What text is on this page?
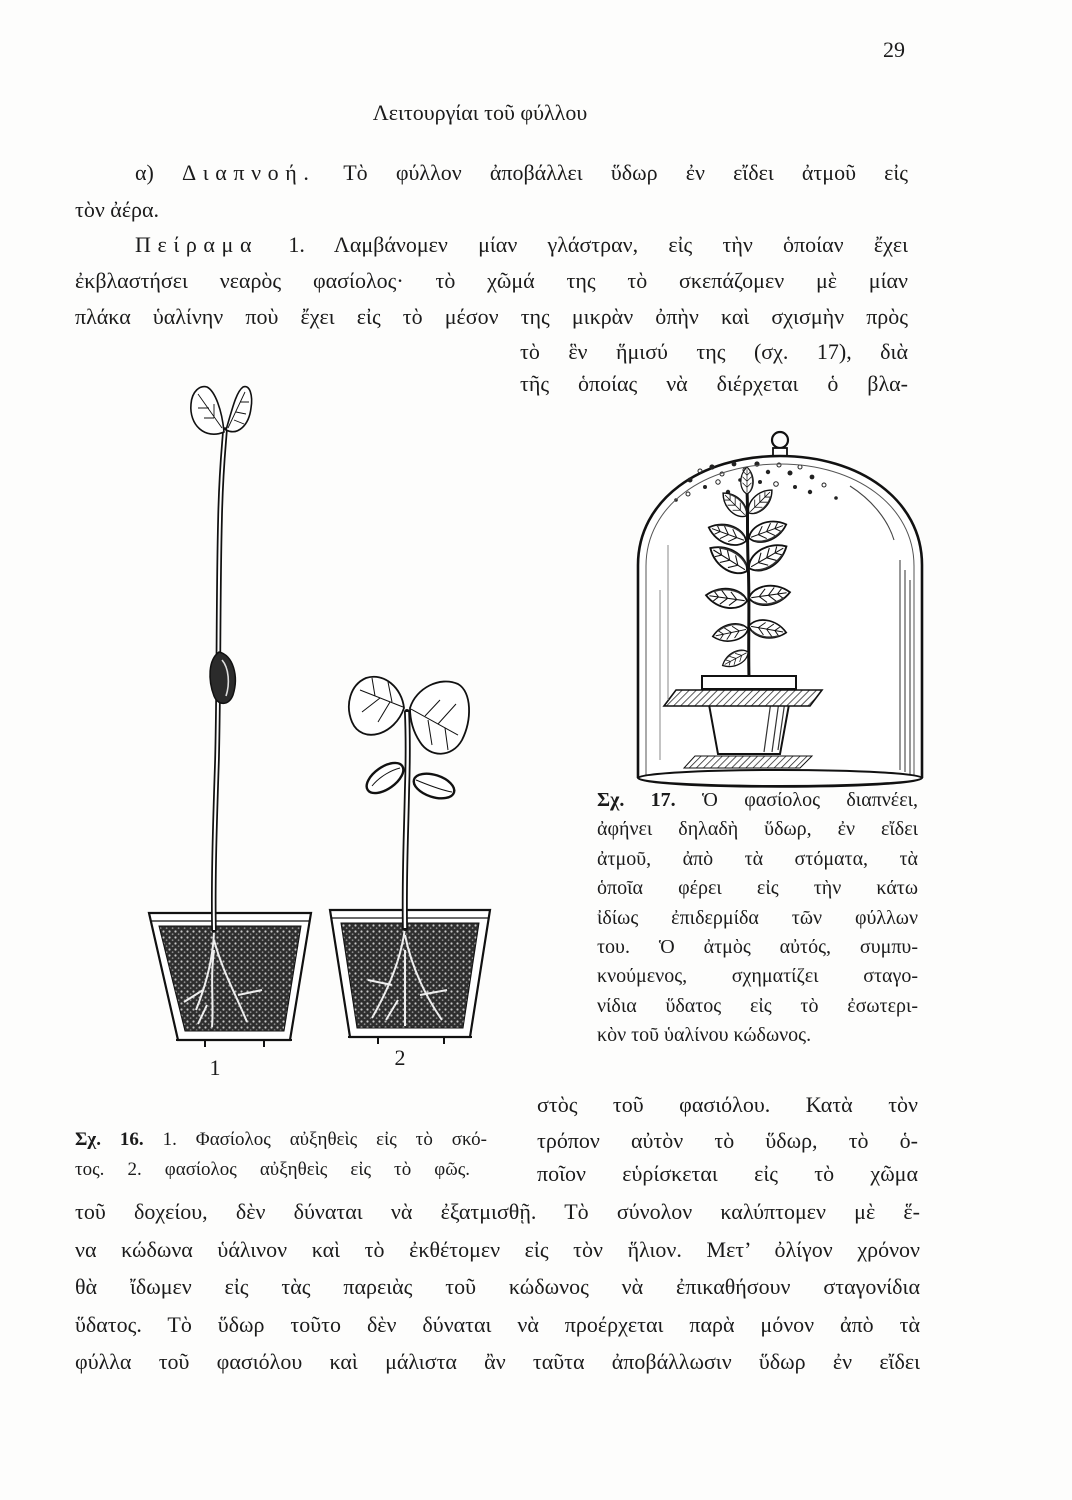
29
Λειτουργίαι τοῦ φύλλου
α) Διαπνοή. Τὸ φύλλον ἀποβάλλει ὕδωρ ἐν εἴδει ἀτμοῦ εἰς
τὸν ἀέρα.
Πείραμα 1. Λαμβάνομεν μίαν γλάστραν, εἰς τὴν ὁποίαν ἔχει
ἐκβλαστήσει νεαρὸς φασίολος· τὸ χῶμά της τὸ σκεπάζομεν μὲ μίαν
πλάκα ὑαλίνην ποὺ ἔχει εἰς τὸ μέσον της μικρὰν ὀπὴν καὶ σχισμὴν πρὸς
τὸ ἓν ἥμισύ της (σχ. 17), διὰ
τῆς ὁποίας νὰ διέρχεται ὁ βλα-
Σχ. 17. Ὁ φασίολος διαπνέει,
ἀφήνει δηλαδὴ ὕδωρ, ἐν εἴδει
ἀτμοῦ, ἀπὸ τὰ στόματα, τὰ
ὁποῖα φέρει εἰς τὴν κάτω
ἰδίως ἐπιδερμίδα τῶν φύλλων
του. Ὁ ἀτμὸς αὐτός, συμπυ-
κνούμενος, σχηματίζει σταγο-
νίδια ὕδατος εἰς τὸ ἐσωτερι-
κὸν τοῦ ὑαλίνου κώδωνος.
1	2
στὸς τοῦ φασιόλου. Κατὰ τὸν
τρόπον αὐτὸν τὸ ὕδωρ, τὸ ὁ-
ποῖον εὑρίσκεται εἰς τὸ χῶμα
Σχ. 16. 1. Φασίολος αὐξηθεὶς εἰς τὸ σκό-
τος. 2. φασίολος αὐξηθεὶς εἰς τὸ φῶς.
τοῦ δοχείου, δὲν δύναται νὰ ἐξατμισθῇ. Τὸ σύνολον καλύπτομεν μὲ ἕ-
να κώδωνα ὑάλινον καὶ τὸ ἐκθέτομεν εἰς τὸν ἥλιον. Μετ’ ὀλίγον χρόνον
θὰ ἴδωμεν εἰς τὰς παρειὰς τοῦ κώδωνος νὰ ἐπικαθήσουν σταγονίδια
ὕδατος. Τὸ ὕδωρ τοῦτο δὲν δύναται νὰ προέρχεται παρὰ μόνον ἀπὸ τὰ
φύλλα τοῦ φασιόλου καὶ μάλιστα ἂν ταῦτα ἀποβάλλωσιν ὕδωρ ἐν εἴδει
